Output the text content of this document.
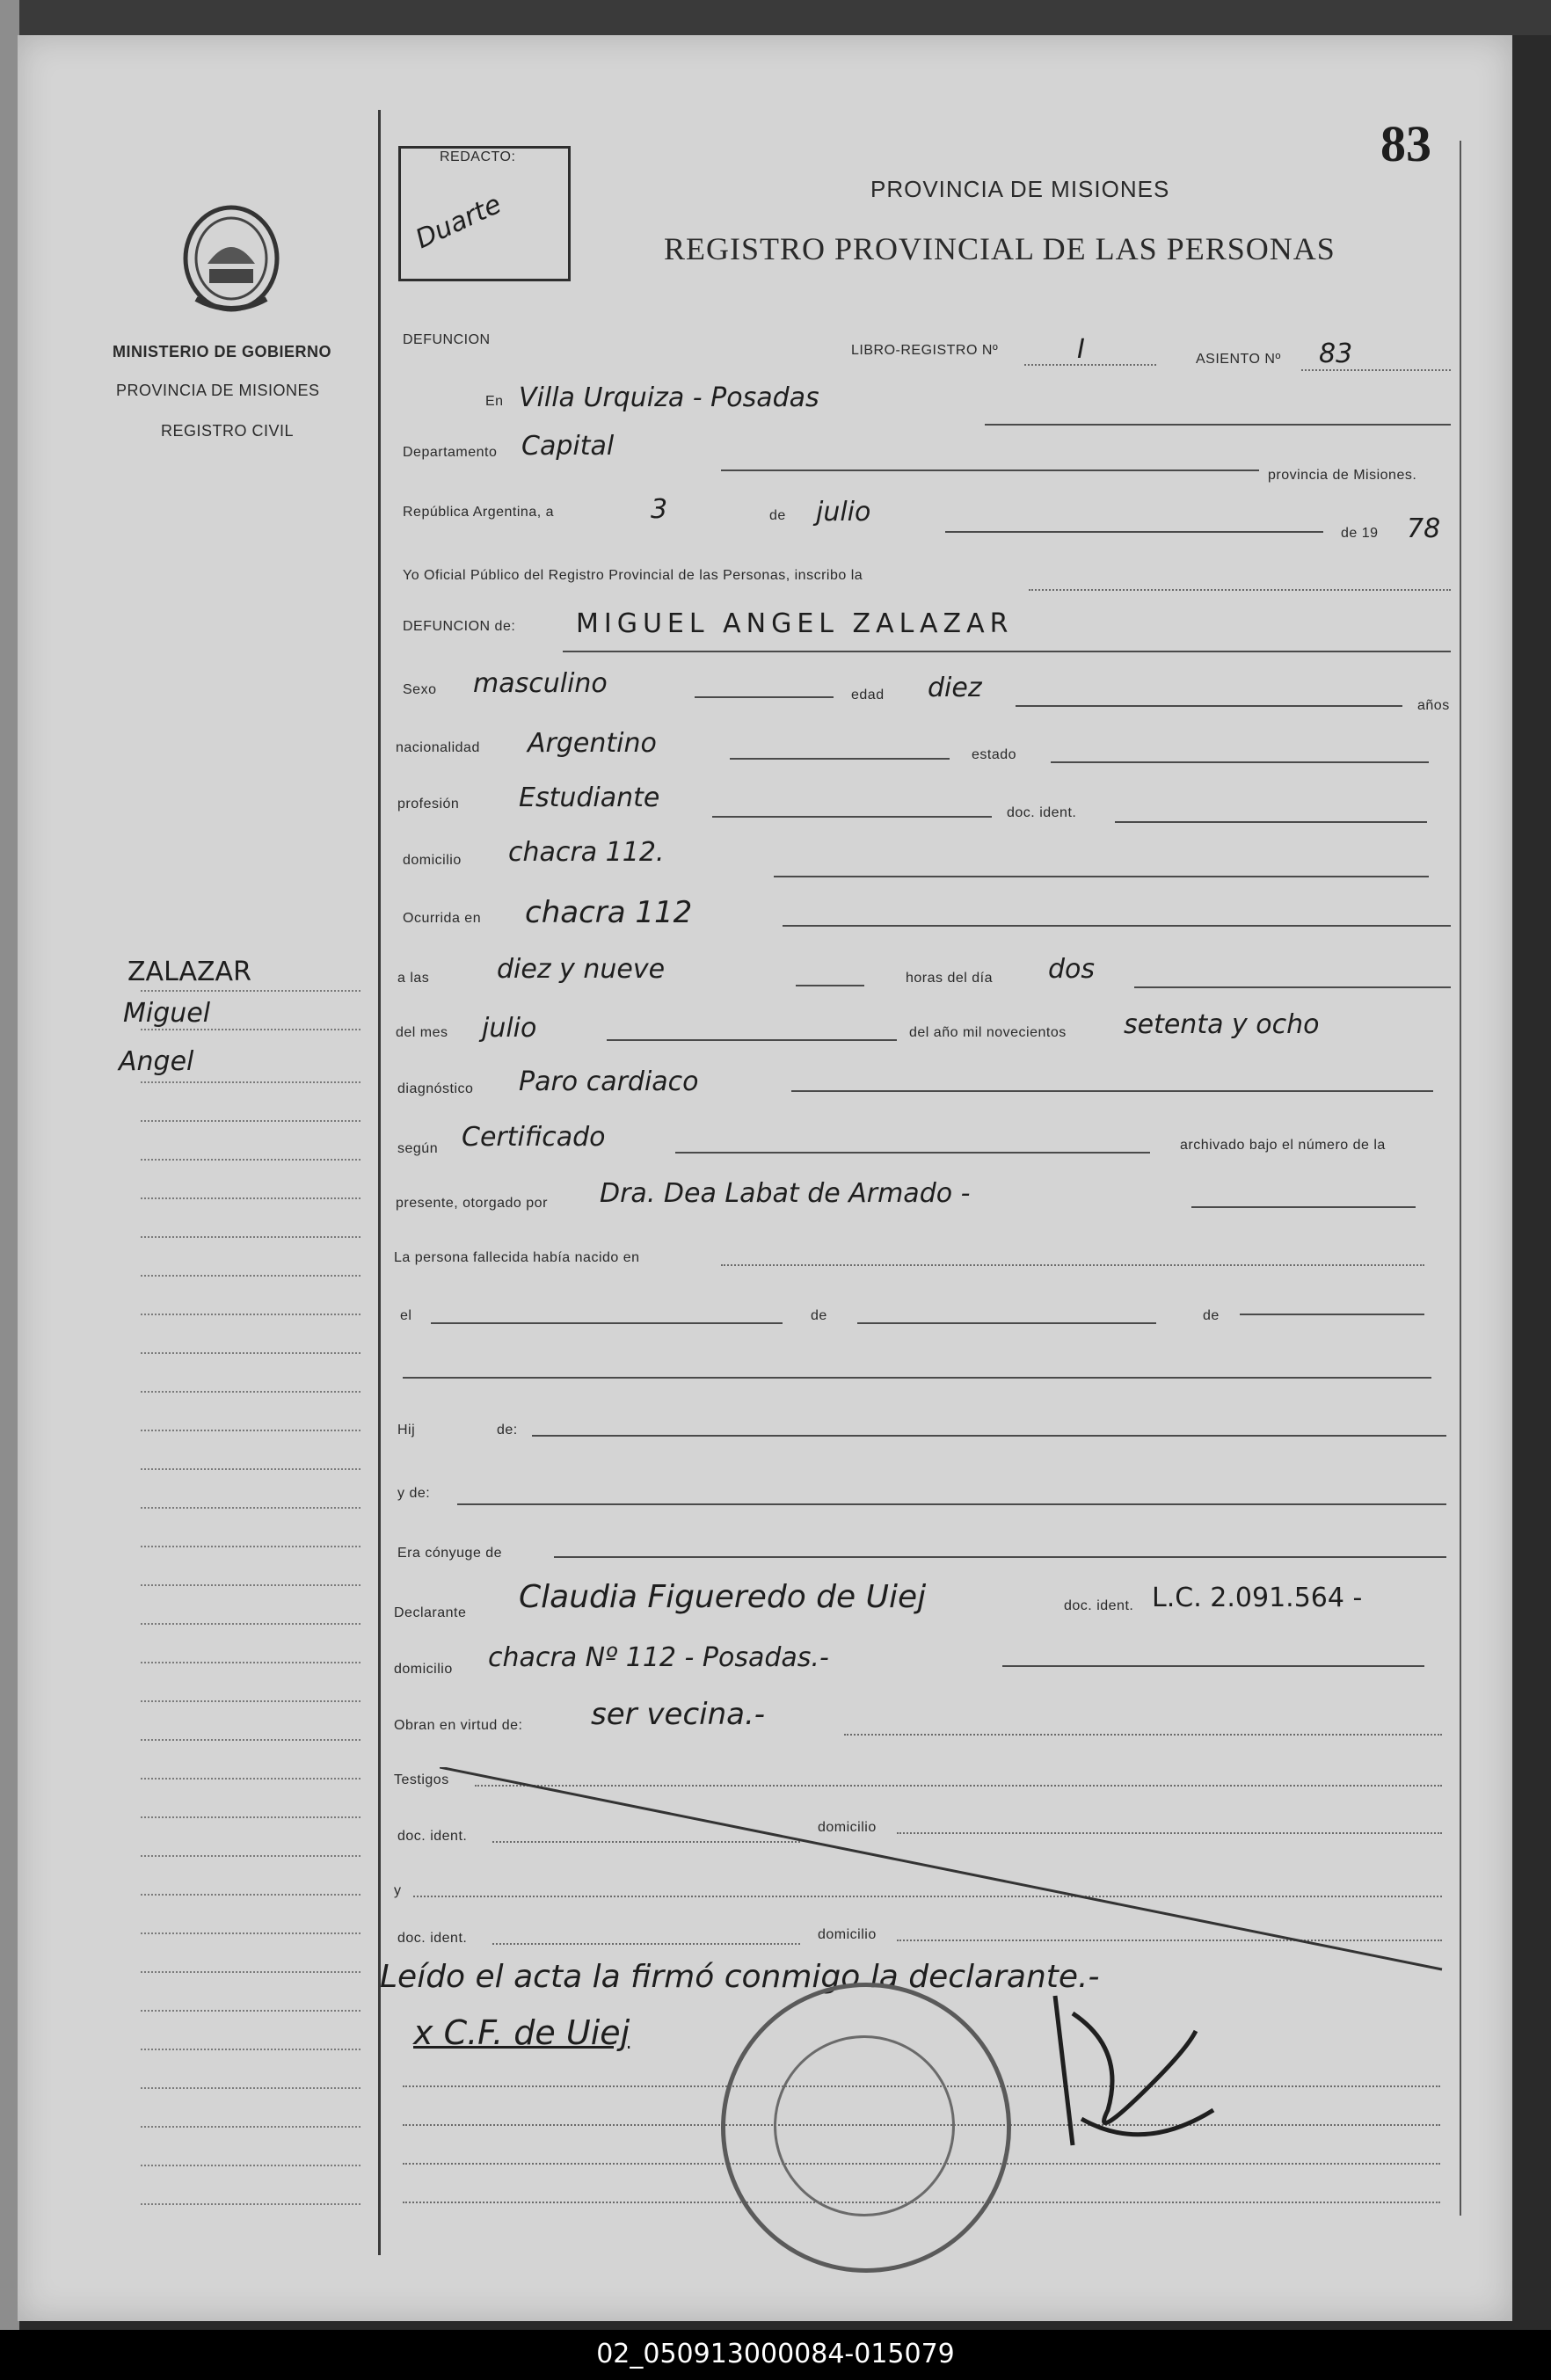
83
MINISTERIO DE GOBIERNO
PROVINCIA DE MISIONES
REGISTRO CIVIL
REDACTO:
Duarte	PROVINCIA DE MISIONES
REGISTRO PROVINCIAL DE LAS PERSONAS
DEFUNCION
LIBRO-REGISTRO Nº	I	ASIENTO Nº 83
En Villa Urquiza - Posadas
Departamento Capital
provincia de Misiones.
República Argentina, a	3	de julio
de 19 78
Yo Oficial Público del Registro Provincial de las Personas, inscribo la
DEFUNCION de: MIGUEL ANGEL ZALAZAR
Sexo masculino	edad diez
años
nacionalidad Argentino	estado
profesión Estudiante	doc. ident.
domicilio chacra 112.
Ocurrida en chacra 112
a las	diez y nueve	horas del día dos
del mes julio	del año mil novecientos setenta y ocho
diagnóstico Paro cardiaco
según Certificado	archivado bajo el número de la
presente, otorgado por Dra. Dea Labat de Armado -
La persona fallecida había nacido en
el	de	de
Hij	de:
y de:
Era cónyuge de
Declarante Claudia Figueredo de Uiej	doc. ident. L.C. 2.091.564 -
domicilio chacra Nº 112 - Posadas.-
Obran en virtud de: ser vecina.-
Testigos
doc. ident.
domicilio
y
doc. ident.	domicilio
Leído el acta la firmó conmigo la declarante.-
x C.F. de Uiej
ZALAZAR
Miguel
Angel
02_050913000084-015079
